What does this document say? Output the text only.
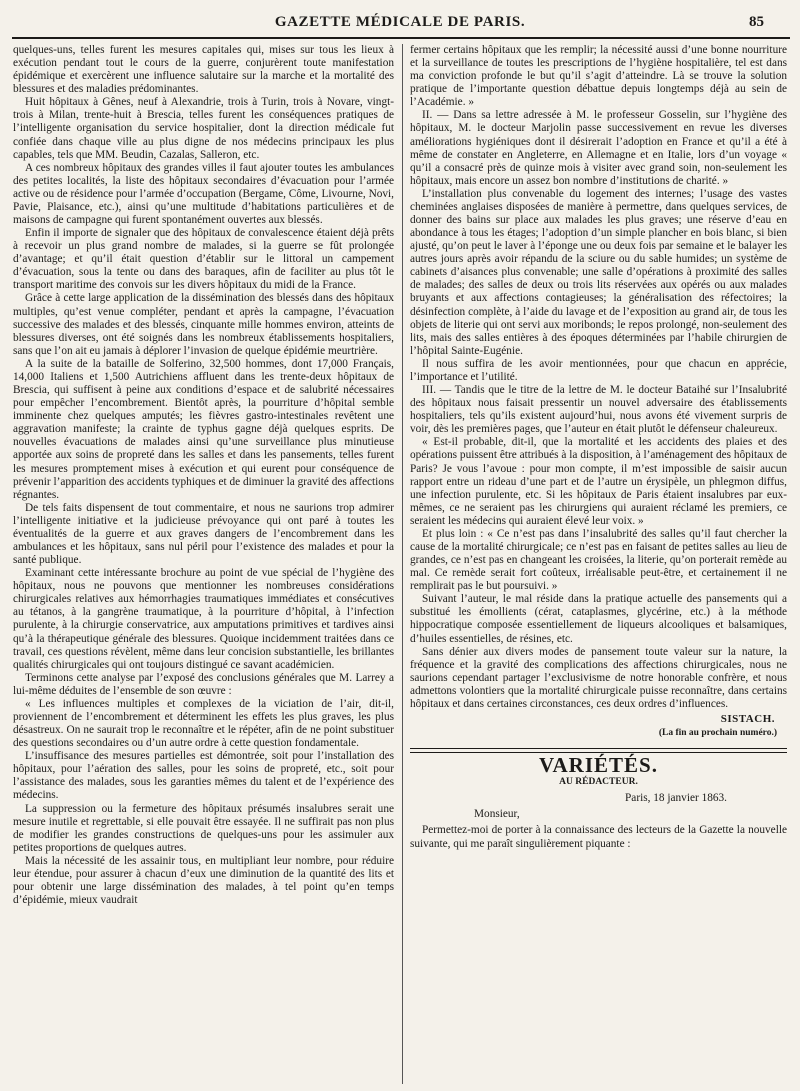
GAZETTE MÉDICALE DE PARIS.	85

quelques-uns, telles furent les mesures capitales qui, mises sur tous les lieux à exécution pendant tout le cours de la guerre, conjurèrent toute manifestation épidémique et exercèrent une influence salutaire sur la marche et la mortalité des blessures et des maladies prédominantes.

Huit hôpitaux à Gênes, neuf à Alexandrie, trois à Turin, trois à Novare, vingt-trois à Milan, trente-huit à Brescia, telles furent les conséquences pratiques de l’intelligente organisation du service hospitalier, dont la direction médicale fut confiée dans chaque ville au plus digne de nos médecins principaux les plus capables, tels que MM. Beudin, Cazalas, Salleron, etc.

A ces nombreux hôpitaux des grandes villes il faut ajouter toutes les ambulances des petites localités, la liste des hôpitaux secondaires d’évacuation pour l’armée active ou de résidence pour l’armée d’occupation (Bergame, Côme, Livourne, Novi, Pavie, Plaisance, etc.), ainsi qu’une multitude d’habitations particulières et de maisons de campagne qui furent spontanément ouvertes aux blessés.

Enfin il importe de signaler que des hôpitaux de convalescence étaient déjà prêts à recevoir un plus grand nombre de malades, si la guerre se fût prolongée d’avantage; et qu’il était question d’établir sur le littoral un campement d’évacuation, sous la tente ou dans des baraques, afin de faciliter au plus tôt le transport maritime des convois sur les divers hôpitaux du midi de la France.

Grâce à cette large application de la dissémination des blessés dans des hôpitaux multiples, qu’est venue compléter, pendant et après la campagne, l’évacuation successive des malades et des blessés, cinquante mille hommes environ, atteints de blessures diverses, ont été soignés dans les nombreux établissements hospitaliers, sans que l’on ait eu jamais à déplorer l’invasion de quelque épidémie meurtrière.

A la suite de la bataille de Solferino, 32,500 hommes, dont 17,000 Français, 14,000 Italiens et 1,500 Autrichiens affluent dans les trente-deux hôpitaux de Brescia, qui suffisent à peine aux conditions d’espace et de salubrité nécessaires pour empêcher l’encombrement. Bientôt après, la pourriture d’hôpital semble imminente chez quelques amputés; les fièvres gastro-intestinales revêtent une aggravation manifeste; la crainte de typhus gagne déjà quelques esprits. De nouvelles évacuations de malades ainsi qu’une surveillance plus minutieuse apportée aux soins de propreté dans les salles et dans les pansements, telles furent les mesures promptement mises à exécution et qui eurent pour conséquence de prévenir l’apparition des accidents typhiques et de diminuer la gravité des affections régnantes.

De tels faits dispensent de tout commentaire, et nous ne saurions trop admirer l’intelligente initiative et la judicieuse prévoyance qui ont paré à toutes les éventualités de la guerre et aux graves dangers de l’encombrement dans les ambulances et les hôpitaux, sans nul péril pour l’existence des malades et pour la santé publique.

Examinant cette intéressante brochure au point de vue spécial de l’hygiène des hôpitaux, nous ne pouvons que mentionner les nombreuses considérations chirurgicales relatives aux hémorrhagies traumatiques immédiates et consécutives au tétanos, à la gangrène traumatique, à la pourriture d’hôpital, à l’infection purulente, à la chirurgie conservatrice, aux amputations primitives et tardives ainsi qu’à la thérapeutique générale des blessures. Quoique incidemment traitées dans ce travail, ces questions révèlent, même dans leur concision substantielle, les brillantes qualités chirurgicales qui ont toujours distingué ce savant académicien.

Terminons cette analyse par l’exposé des conclusions générales que M. Larrey a lui-même déduites de l’ensemble de son œuvre :

« Les influences multiples et complexes de la viciation de l’air, dit-il, proviennent de l’encombrement et déterminent les effets les plus graves, les plus désastreux. On ne saurait trop le reconnaître et le répéter, afin de ne point substituer des questions secondaires ou d’un autre ordre à cette question fondamentale.

L’insuffisance des mesures partielles est démontrée, soit pour l’installation des hôpitaux, pour l’aération des salles, pour les soins de propreté, etc., soit pour l’assistance des malades, sous les garanties mêmes du talent et de l’expérience des médecins.

La suppression ou la fermeture des hôpitaux présumés insalubres serait une mesure inutile et regrettable, si elle pouvait être essayée. Il ne suffirait pas non plus de modifier les grandes constructions de quelques-uns pour les assimuler aux petites proportions de quelques autres.

Mais la nécessité de les assainir tous, en multipliant leur nombre, pour réduire leur étendue, pour assurer à chacun d’eux une diminution de la quantité des lits et pour obtenir une large dissémination des malades, à tel point qu’en temps d’épidémie, mieux vaudrait

fermer certains hôpitaux que les remplir; la nécessité aussi d’une bonne nourriture et la surveillance de toutes les prescriptions de l’hygiène hospitalière, tel est dans ma conviction profonde le but qu’il s’agit d’atteindre. Là se trouve la solution pratique de l’importante question débattue depuis longtemps déjà au sein de l’Académie. »

II. — Dans sa lettre adressée à M. le professeur Gosselin, sur l’hygiène des hôpitaux, M. le docteur Marjolin passe successivement en revue les diverses améliorations hygiéniques dont il désirerait l’adoption en France et qu’il a été à même de constater en Angleterre, en Allemagne et en Italie, lors d’un voyage « qu’il a consacré près de quinze mois à visiter avec grand soin, non-seulement les hôpitaux, mais encore un assez bon nombre d’institutions de charité. »

L’installation plus convenable du logement des internes; l’usage des vastes cheminées anglaises disposées de manière à permettre, dans quelques services, de donner des bains sur place aux malades les plus graves; une réserve d’eau en abondance à tous les étages; l’adoption d’un simple plancher en bois blanc, si bien ajusté, qu’on peut le laver à l’éponge une ou deux fois par semaine et le balayer les autres jours après avoir répandu de la sciure ou du sable humides; un système de cabinets d’aisances plus convenable; une salle d’opérations à proximité des salles de malades; des salles de deux ou trois lits réservées aux opérés ou aux malades bruyants et aux affections contagieuses; la généralisation des réfectoires; la désinfection complète, à l’aide du lavage et de l’exposition au grand air, de tous les objets de literie qui ont servi aux moribonds; le repos prolongé, non-seulement des lits, mais des salles entières à des époques déterminées par l’habile chirurgien de l’hôpital Sainte-Eugénie.

Il nous suffira de les avoir mentionnées, pour que chacun en apprécie, l’importance et l’utilité.

III. — Tandis que le titre de la lettre de M. le docteur Bataihé sur l’Insalubrité des hôpitaux nous faisait pressentir un nouvel adversaire des établissements hospitaliers, tels qu’ils existent aujourd’hui, nous avons été vivement surpris de voir, dès les premières pages, que l’auteur en était plutôt le défenseur chaleureux.

« Est-il probable, dit-il, que la mortalité et les accidents des plaies et des opérations puissent être attribués à la disposition, à l’aménagement des hôpitaux de Paris? Je vous l’avoue : pour mon compte, il m’est impossible de saisir aucun rapport entre un rideau d’une part et de l’autre un érysipèle, un phlegmon diffus, une infection purulente, etc. Si les hôpitaux de Paris étaient insalubres par eux-mêmes, ce ne seraient pas les chirurgiens qui auraient réclamé les premiers, ce seraient les médecins qui auraient élevé leur voix. »

Et plus loin : « Ce n’est pas dans l’insalubrité des salles qu’il faut chercher la cause de la mortalité chirurgicale; ce n’est pas en faisant de petites salles au lieu de grandes, ce n’est pas en changeant les croisées, la literie, qu’on porterait remède au mal. Ce remède serait fort coûteux, irréalisable peut-être, et certainement il ne remplirait pas le but poursuivi. »

Suivant l’auteur, le mal réside dans la pratique actuelle des pansements qui a substitué les émollients (cérat, cataplasmes, glycérine, etc.) à la méthode hippocratique composée essentiellement de liqueurs alcooliques et balsamiques, d’huiles essentielles, de résines, etc.

Sans dénier aux divers modes de pansement toute valeur sur la nature, la fréquence et la gravité des complications des affections chirurgicales, nous ne saurions cependant partager l’exclusivisme de notre honorable confrère, et nous admettons volontiers que la mortalité chirurgicale puisse reconnaître, dans certains hôpitaux et dans certaines circonstances, ces deux ordres d’influences.

SISTACH.
(La fin au prochain numéro.)
VARIÉTÉS.
AU RÉDACTEUR.
Paris, 18 janvier 1863.
Monsieur,

Permettez-moi de porter à la connaissance des lecteurs de la Gazette la nouvelle suivante, qui me paraît singulièrement piquante :
